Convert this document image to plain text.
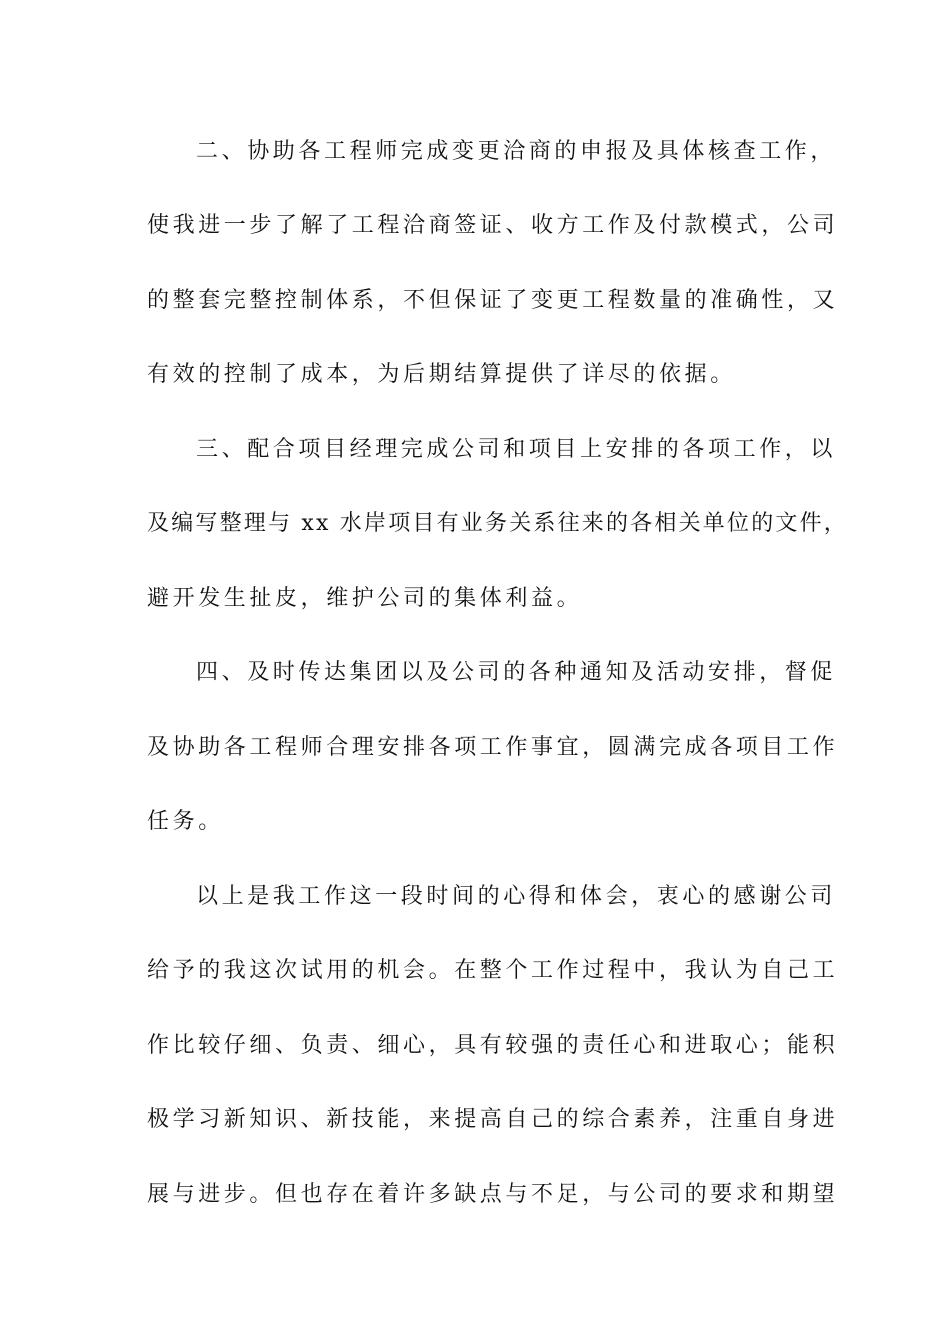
二、协助各工程师完成变更洽商的申报及具体核查工作，
使我进一步了解了工程洽商签证、收方工作及付款模式，公司
的整套完整控制体系，不但保证了变更工程数量的准确性，又
有效的控制了成本，为后期结算提供了详尽的依据。
三、配合项目经理完成公司和项目上安排的各项工作，以
及编写整理与 xx 水岸项目有业务关系往来的各相关单位的文件，
避开发生扯皮，维护公司的集体利益。
四、及时传达集团以及公司的各种通知及活动安排，督促
及协助各工程师合理安排各项工作事宜，圆满完成各项目工作
任务。
以上是我工作这一段时间的心得和体会，衷心的感谢公司
给予的我这次试用的机会。在整个工作过程中，我认为自己工
作比较仔细、负责、细心，具有较强的责任心和进取心；能积
极学习新知识、新技能，来提高自己的综合素养，注重自身进
展与进步。但也存在着许多缺点与不足，与公司的要求和期望
